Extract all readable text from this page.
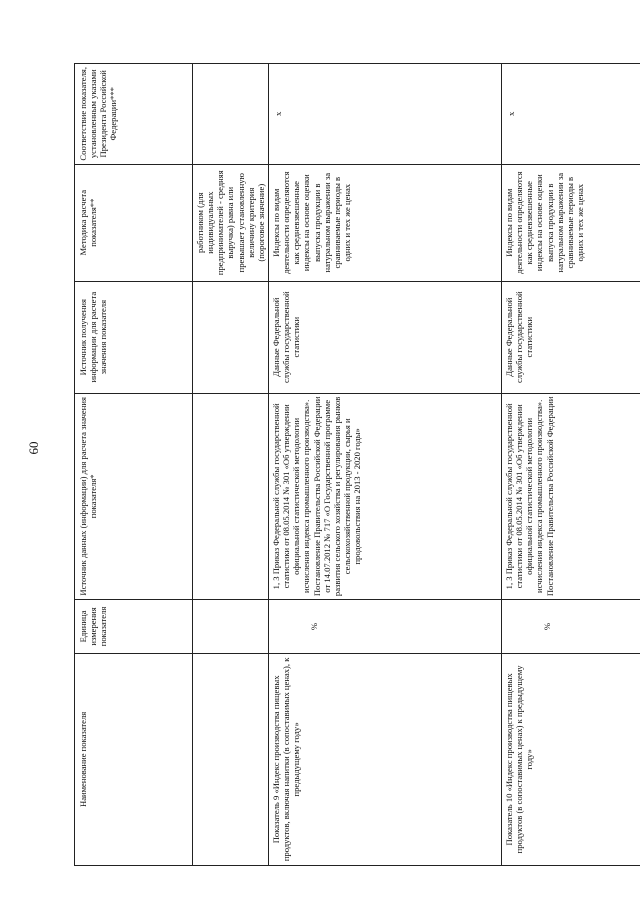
60
Наименование показателя	Единица измерения показателя	Источник данных (информации) для расчета значения показателя*	Источник получения информации для расчета значения показателя	Методика расчета показателя**	Соответствие показателя, установленным указами Президента Российской Федерации***
				работником (для индивидуальных предпринимателей - средняя выручка) равна или превышает установленную величину критерия (пороговое значение)	
Показатель 9 «Индекс производства пищевых продуктов, включая напитки (в сопоставимых ценах), к предыдущему году»	%	1, 3 Приказ Федеральной службы государственной статистики от 08.05.2014 № 301 «Об утверждении официальной статистической методологии исчисления индекса промышленного производства». Постановление Правительства Российской Федерации от 14.07.2012 № 717 «О Государственной программе развития сельского хозяйства и регулирования рынков сельскохозяйственной продукции, сырья и продовольствия на 2013 - 2020 годы»	Данные Федеральной службы государственной статистики	Индексы по видам деятельности определяются как средневзвешенные индексы на основе оценки выпуска продукции в натуральном выражении за сравниваемые периоды в одних и тех же ценах	х
Показатель 10 «Индекс производства пищевых продуктов (в сопоставимых ценах) к предыдущему году»	%	1, 3 Приказ Федеральной службы государственной статистики от 08.05.2014 № 301 «Об утверждении официальной статистической методологии исчисления индекса промышленного производства». Постановление Правительства Российской Федерации	Данные Федеральной службы государственной статистики	Индексы по видам деятельности определяются как средневзвешенные индексы на основе оценки выпуска продукции в натуральном выражении за сравниваемые периоды в одних и тех же ценах	х
